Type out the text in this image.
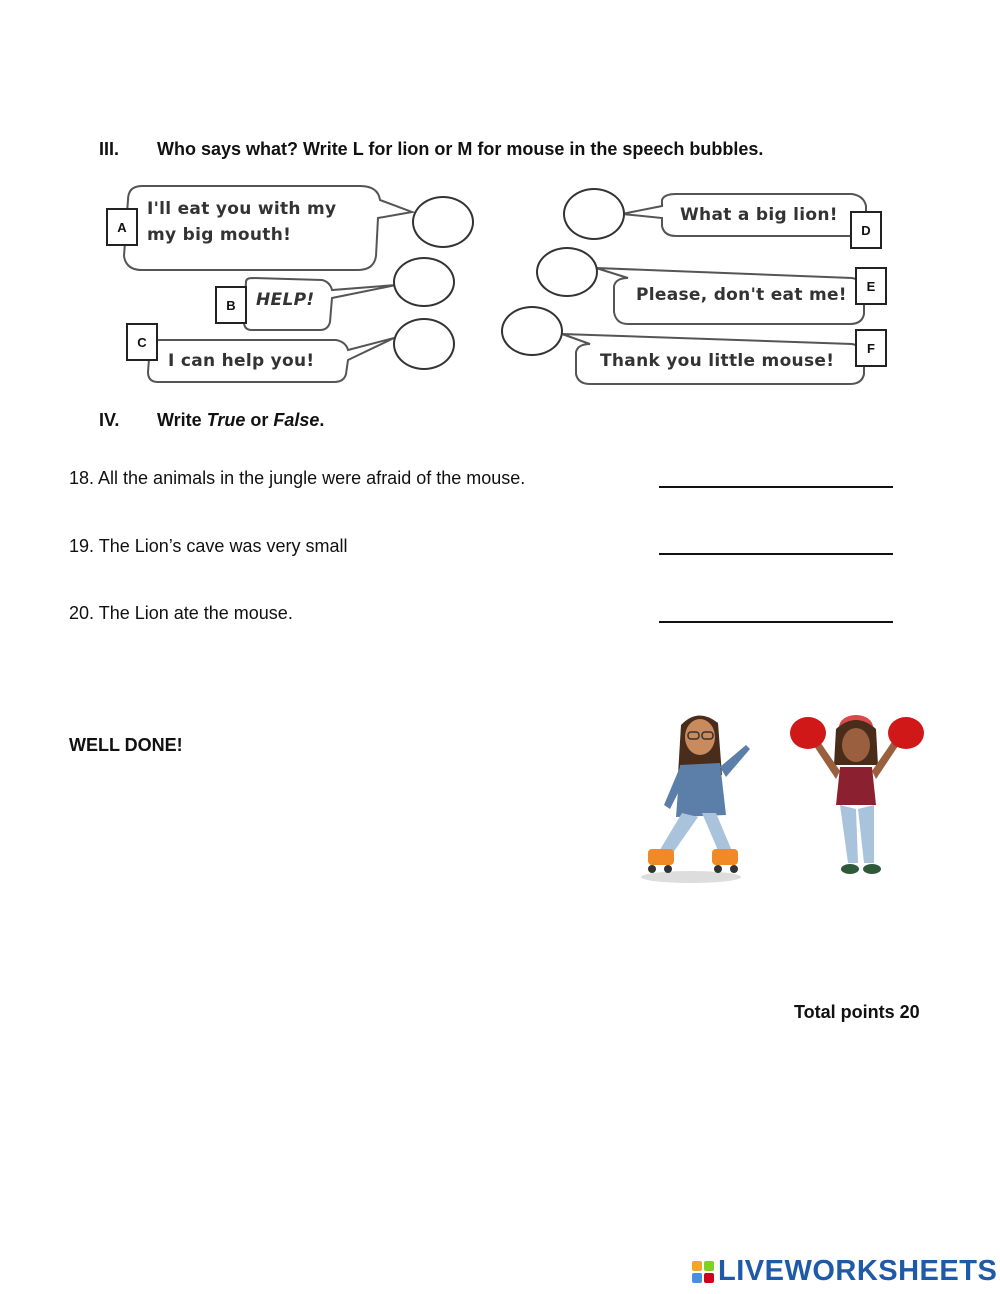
III. Who says what? Write L for lion or M for mouse in the speech bubbles.
A
B
C
D
E
F
I'll eat you with my
my big mouth!
HELP!
I can help you!
What a big lion!
Please, don't eat me!
Thank you little mouse!
IV. Write True or False.
18. All the animals in the jungle were afraid of the mouse.
19. The Lion’s cave was very small
20. The Lion ate the mouse.
WELL DONE!
Total points 20
LIVEWORKSHEETS
